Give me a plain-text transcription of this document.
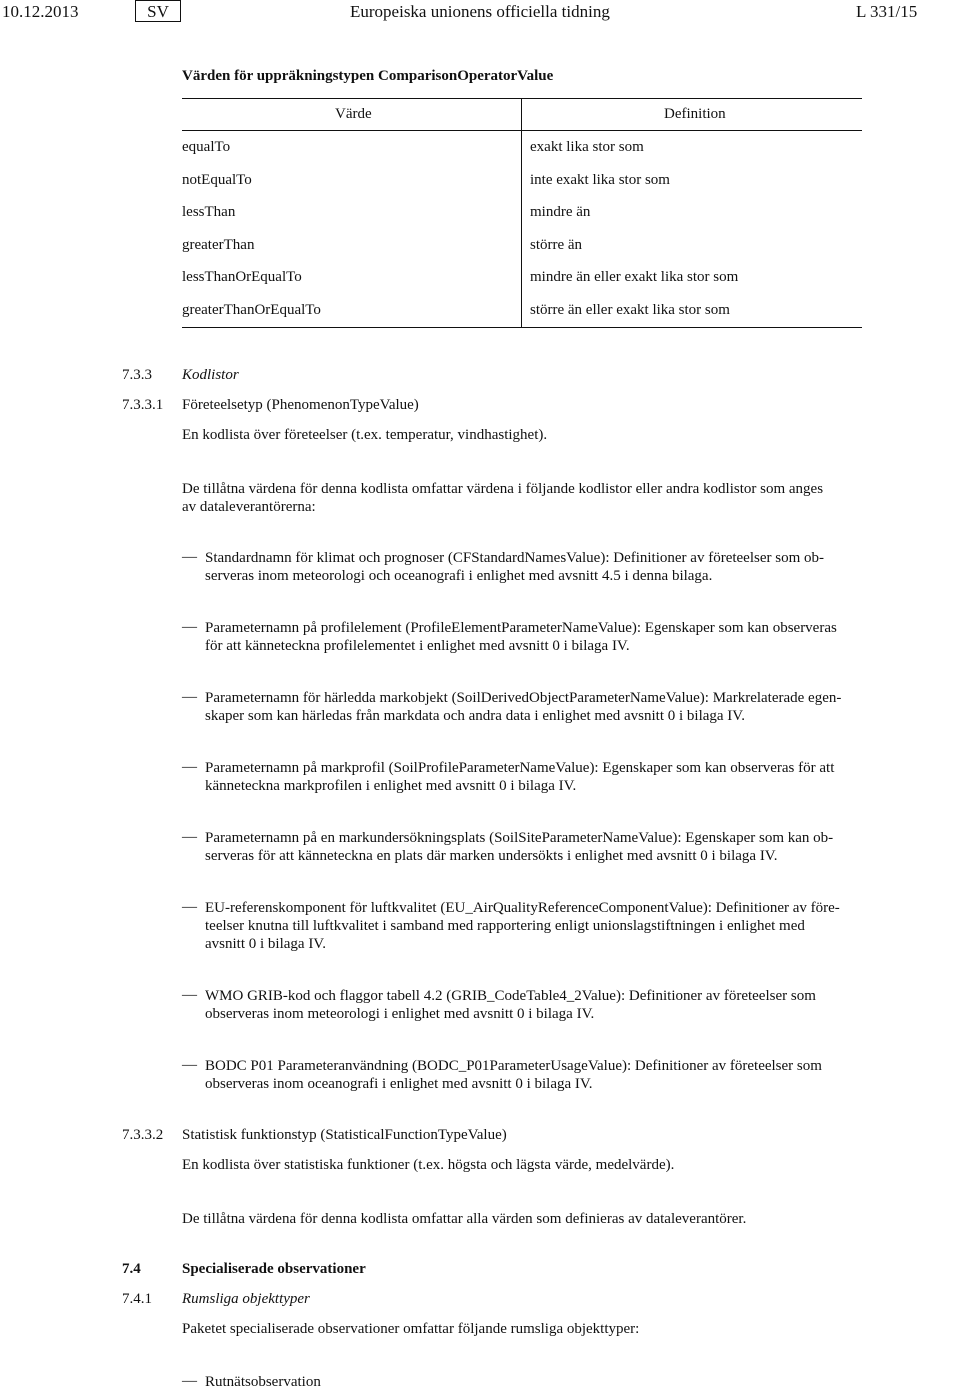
10.12.2013	SV	Europeiska unionens officiella tidning	L 331/15
Värden för uppräkningstypen ComparisonOperatorValue
Värde	Definition
equalTo	exakt lika stor som
notEqualTo	inte exakt lika stor som
lessThan	mindre än
greaterThan	större än
lessThanOrEqualTo	mindre än eller exakt lika stor som
greaterThanOrEqualTo	större än eller exakt lika stor som
7.3.3 Kodlistor
7.3.3.1 Företeelsetyp (PhenomenonTypeValue)
En kodlista över företeelser (t.ex. temperatur, vindhastighet).
De tillåtna värdena för denna kodlista omfattar värdena i följande kodlistor eller andra kodlistor som anges
av dataleverantörerna:
— Standardnamn för klimat och prognoser (CFStandardNamesValue): Definitioner av företeelser som ob-
serveras inom meteorologi och oceanografi i enlighet med avsnitt 4.5 i denna bilaga.
— Parameternamn på profilelement (ProfileElementParameterNameValue): Egenskaper som kan observeras
för att känneteckna profilelementet i enlighet med avsnitt 0 i bilaga IV.
— Parameternamn för härledda markobjekt (SoilDerivedObjectParameterNameValue): Markrelaterade egen-
skaper som kan härledas från markdata och andra data i enlighet med avsnitt 0 i bilaga IV.
— Parameternamn på markprofil (SoilProfileParameterNameValue): Egenskaper som kan observeras för att
känneteckna markprofilen i enlighet med avsnitt 0 i bilaga IV.
— Parameternamn på en markundersökningsplats (SoilSiteParameterNameValue): Egenskaper som kan ob-
serveras för att känneteckna en plats där marken undersökts i enlighet med avsnitt 0 i bilaga IV.
— EU-referenskomponent för luftkvalitet (EU_AirQualityReferenceComponentValue): Definitioner av före-
teelser knutna till luftkvalitet i samband med rapportering enligt unionslagstiftningen i enlighet med
avsnitt 0 i bilaga IV.
— WMO GRIB-kod och flaggor tabell 4.2 (GRIB_CodeTable4_2Value): Definitioner av företeelser som
observeras inom meteorologi i enlighet med avsnitt 0 i bilaga IV.
— BODC P01 Parameteranvändning (BODC_P01ParameterUsageValue): Definitioner av företeelser som
observeras inom oceanografi i enlighet med avsnitt 0 i bilaga IV.
7.3.3.2 Statistisk funktionstyp (StatisticalFunctionTypeValue)
En kodlista över statistiska funktioner (t.ex. högsta och lägsta värde, medelvärde).
De tillåtna värdena för denna kodlista omfattar alla värden som definieras av dataleverantörer.
7.4	Specialiserade observationer
7.4.1 Rumsliga objekttyper
Paketet specialiserade observationer omfattar följande rumsliga objekttyper:
— Rutnätsobservation
